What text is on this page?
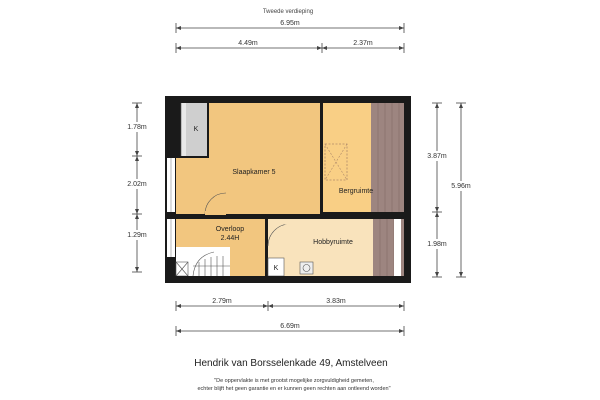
Tweede verdieping
6.95m
4.49m	2.37m
1.78m
2.02m
1.29m
3.87m
1.98m
5.96m
Slaapkamer 5
Bergruimte
Overloop
2.44H
Hobbyruimte
K
K
2.79m	3.83m
6.69m
Hendrik van Borsselenkade 49, Amstelveen
"De oppervlakte is met grootst mogelijke zorgvuldigheid gemeten,
echter blijft het geen garantie en er kunnen geen rechten aan ontleend worden"
